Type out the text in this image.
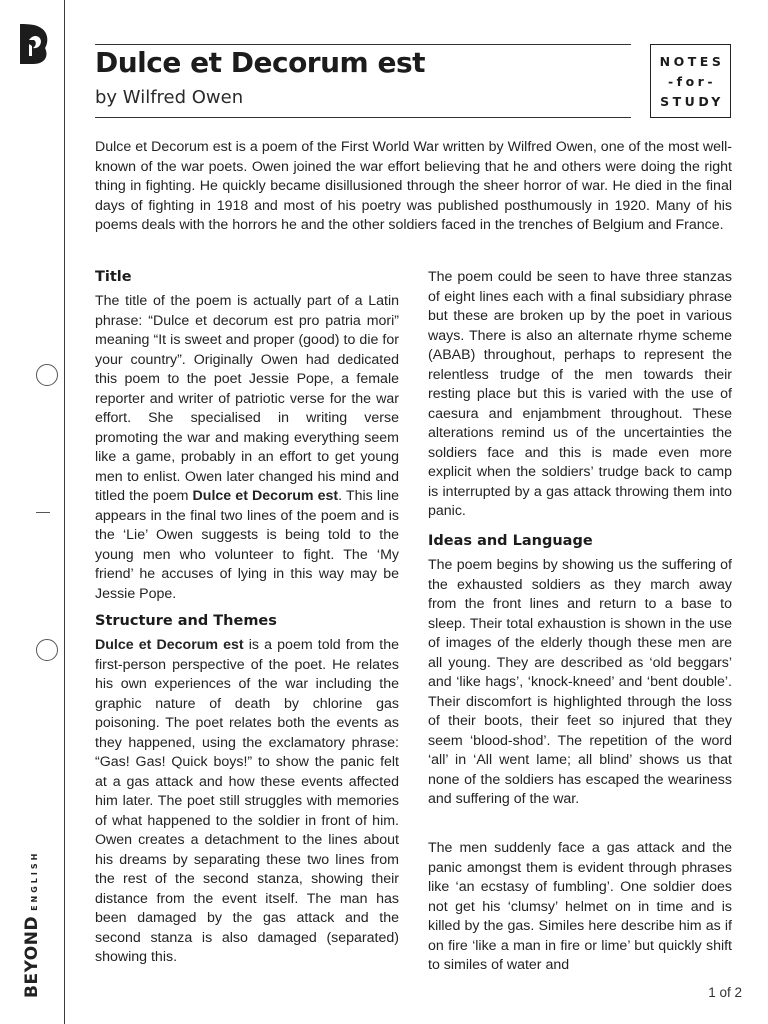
BEYOND
ENGLISH
Dulce et Decorum est
by Wilfred Owen
NOTES
-for-
STUDY

Dulce et Decorum est is a poem of the First World War written by Wilfred Owen, one of the most well-known of the war poets. Owen joined the war effort believing that he and others were doing the right thing in fighting. He quickly became disillusioned through the sheer horror of war. He died in the final days of fighting in 1918 and most of his poetry was published posthumously in 1920. Many of his poems deals with the horrors he and the other soldiers faced in the trenches of Belgium and France.

Title

The title of the poem is actually part of a Latin phrase: “Dulce et decorum est pro patria mori” meaning “It is sweet and proper (good) to die for your country”. Originally Owen had dedicated this poem to the poet Jessie Pope, a female reporter and writer of patriotic verse for the war effort. She specialised in writing verse promoting the war and making everything seem like a game, probably in an effort to get young men to enlist. Owen later changed his mind and titled the poem Dulce et Decorum est. This line appears in the final two lines of the poem and is the ‘Lie’ Owen suggests is being told to the young men who volunteer to fight. The ‘My friend’ he accuses of lying in this way may be Jessie Pope.

Structure and Themes

Dulce et Decorum est is a poem told from the first-person perspective of the poet. He relates his own experiences of the war including the graphic nature of death by chlorine gas poisoning. The poet relates both the events as they happened, using the exclamatory phrase: “Gas! Gas! Quick boys!” to show the panic felt at a gas attack and how these events affected him later. The poet still struggles with memories of what happened to the soldier in front of him. Owen creates a detachment to the lines about his dreams by separating these two lines from the rest of the second stanza, showing their distance from the event itself. The man has been damaged by the gas attack and the second stanza is also damaged (separated) showing this.

The poem could be seen to have three stanzas of eight lines each with a final subsidiary phrase but these are broken up by the poet in various ways. There is also an alternate rhyme scheme (ABAB) throughout, perhaps to represent the relentless trudge of the men towards their resting place but this is varied with the use of caesura and enjambment throughout. These alterations remind us of the uncertainties the soldiers face and this is made even more explicit when the soldiers’ trudge back to camp is interrupted by a gas attack throwing them into panic.

Ideas and Language

The poem begins by showing us the suffering of the exhausted soldiers as they march away from the front lines and return to a base to sleep. Their total exhaustion is shown in the use of images of the elderly though these men are all young. They are described as ‘old beggars’ and ‘like hags’, ‘knock-kneed’ and ‘bent double’. Their discomfort is highlighted through the loss of their boots, their feet so injured that they seem ‘blood-shod’. The repetition of the word ‘all’ in ‘All went lame; all blind’ shows us that none of the soldiers has escaped the weariness and suffering of the war.

The men suddenly face a gas attack and the panic amongst them is evident through phrases like ‘an ecstasy of fumbling’. One soldier does not get his ‘clumsy’ helmet on in time and is killed by the gas. Similes here describe him as if on fire ‘like a man in fire or lime’ but quickly shift to similes of water and

1 of 2
